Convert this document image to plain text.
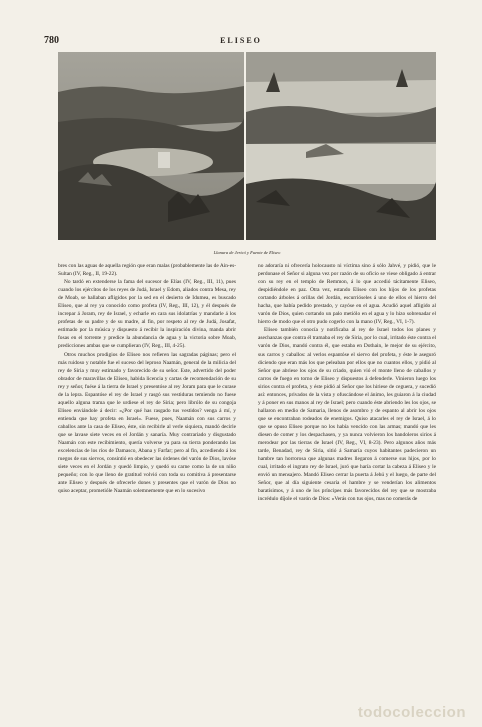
780	ELISEO
Llanura de Jericó y Fuente de Eliseo

bres con las aguas de aquella región que eran malas (probablemente las de Ain-es-Sultan (IV, Reg., II, 19-22).

No tardó en extenderse la fama del sucesor de Elías (IV, Reg., III, 11), pues cuando los ejércitos de los reyes de Judá, Israel y Edom, aliados contra Mesa, rey de Moab, se hallaban afligidos por la sed en el desierto de Idumea, es buscado Eliseo, que al rey ya conocido como profeta (IV, Reg., III, 12), y él después de increpar á Joram, rey de Israel, y echarle en cara sus idolatrías y mandarle á los profetas de su padre y de su madre, al fin, por respeto al rey de Judá, Josafat, estimado por la música y dispuesto á recibir la inspiración divina, manda abrir fosas en el torrente y predice la abundancia de agua y la victoria sobre Moab, predicciones ambas que se cumplieran (IV, Reg., III, 4-25).

Otros muchos prodigios de Eliseo nos refieren las sagradas páginas; pero el más ruidoso y notable fue el suceso del leproso Naamán, general de la milicia del rey de Siria y muy estimado y favorecido de su señor. Este, advertido del poder obrador de maravillas de Eliseo, habida licencia y cartas de recomendación de su rey y señor, fuése á la tierra de Israel y presentóse al rey Joram para que le curase de la lepra. Espantóse el rey de Israel y rasgó sus vestiduras temiendo no fuese aquello alguna trama que le urdiese el rey de Siria; pero librólo de su congoja Eliseo enviándole á decir: «¿Por qué has rasgado tus vestidos? venga á mí, y entienda que hay profeta en Israel». Fuese, pues, Naamán con sus carros y caballos ante la casa de Eliseo, éste, sin recibirle al verle siquiera, mandó decirle que se lavase siete veces en el Jordán y sanaría. Muy contrariado y disgustado Naamán con este recibimiento, quería volverse ya para su tierra ponderando las excelencias de los ríos de Damasco, Abana y Farfar; pero al fin, accediendo á los ruegos de sus siervos, consintió en obedecer las órdenes del varón de Dios, lavóse siete veces en el Jordán y quedó limpio, y quedó su carne como la de un niño pequeño; con lo que lleno de gratitud volvió con toda su comitiva á presentarse ante Eliseo y después de ofrecerle dones y presentes que el varón de Dios no quiso aceptar, prometióle Naamán solemnemente que en lo sucesivo

no adoraría ni ofrecería holocausto ni víctima sino á sólo Jahvé, y pidió, que le perdonase el Señor si alguna vez por razón de su oficio se viese obligado á entrar con su rey en el templo de Remmon, á lo que accedió tácitamente Eliseo, despidiéndole en paz. Otra vez, estando Eliseo con los hijos de los profetas cortando árboles á orillas del Jordán, escurrióseles á uno de ellos el hierro del hacha, que había pedido prestado, y cayóse en el agua. Acudió aquel afligido al varón de Dios, quien cortando un palo metiólo en el agua y lo hizo sobrenadar el hierro de modo que el otro pudo cogerlo con la mano (IV, Reg., VI, 1-7).

Eliseo también conocía y notificaba al rey de Israel todos los planes y asechanzas que contra él tramaba el rey de Siria, por lo cual, irritado éste contra el varón de Dios, mandó contra él, que estaba en Dothain, le mejor de su ejército, sus carros y caballos: al verlos espantóse el siervo del profeta, y éste le aseguró diciendo que eran más los que peleaban por ellos que no cuantos ellos, y pidió al Señor que abriese los ojos de su criado, quien vió el monte lleno de caballos y carros de fuego en torno de Eliseo y dispuestos á defenderle. Vinieron luego los sirios contra el profeta, y éste pidió al Señor que los hiriese de ceguera, y sucedió así: entonces, privados de la vista y ofuscándose el ánimo, les guiaron á la ciudad y á poner en sus manos al rey de Israel; pero cuando éste abriendo les los ojos, se hallaron en medio de Samaria, llenos de asombro y de espanto al abrir los ojos que se encontraban rodeados de enemigos. Quiso atacarles el rey de Israel, á lo que se opuso Eliseo porque no los había vencido con las armas; mandó que les diesen de comer y los despachasen, y ya nunca volvieron los bandoleros sirios á merodear por las tierras de Israel (IV, Reg., VI, 8-23). Pero algunos años más tarde, Benadad, rey de Siria, sitió á Samaría cuyos habitantes padecieron un hambre tan horrorosa que algunas madres llegaron á comerse sus hijos, por lo cual, irritado el ingrato rey de Israel, juró que haría cortar la cabeza á Eliseo y le envió un mensajero. Mandó Eliseo cerrar la puerta á Jehú y el luego, de parte del Señor, que al día siguiente cesaría el hambre y se venderían los alimentos baratísimos, y á uno de los príncipes más favorecidos del rey que se mostraba incrédulo díjole el varón de Dios: «Verás con tus ojos, mas no comerás de

todocoleccion
